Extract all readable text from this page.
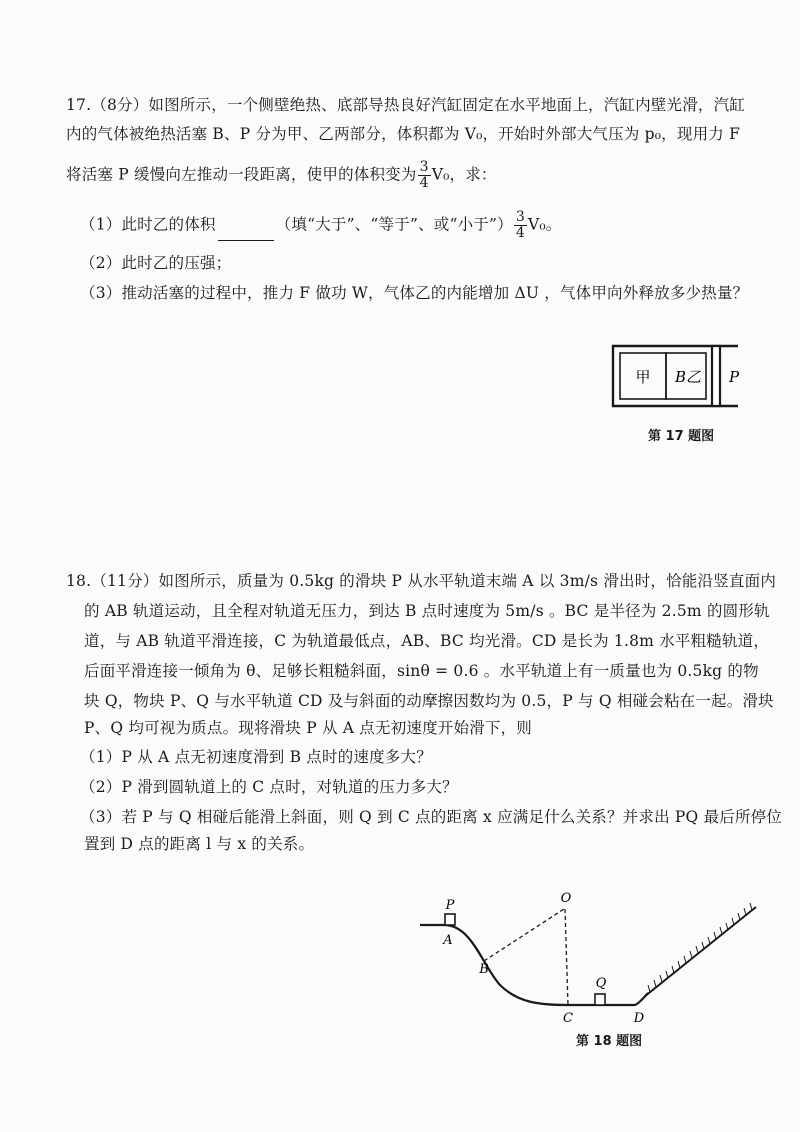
17.（8分）如图所示，一个侧壁绝热、底部导热良好汽缸固定在水平地面上，汽缸内壁光滑，汽缸
内的气体被绝热活塞 B、P 分为甲、乙两部分，体积都为 V₀，开始时外部大气压为 p₀，现用力 F
将活塞 P 缓慢向左推动一段距离，使甲的体积变为 $\frac{3}{4} V_0$，求：
（1）此时乙的体积	（填“大于”、“等于”、或“小于”） $\frac{3}{4} V_0$。
（2）此时乙的压强；
（3）推动活塞的过程中，推力 F 做功 W，气体乙的内能增加 ΔU ，气体甲向外释放多少热量？
甲 B乙 P
第 17 题图
18.（11分）如图所示，质量为 0.5kg 的滑块 P 从水平轨道末端 A 以 3m/s 滑出时，恰能沿竖直面内
的 AB 轨道运动，且全程对轨道无压力，到达 B 点时速度为 5m/s 。BC 是半径为 2.5m 的圆形轨
道，与 AB 轨道平滑连接，C 为轨道最低点，AB、BC 均光滑。CD 是长为 1.8m 水平粗糙轨道，
后面平滑连接一倾角为 θ、足够长粗糙斜面，sinθ = 0.6 。水平轨道上有一质量也为 0.5kg 的物
块 Q，物块 P、Q 与水平轨道 CD 及与斜面的动摩擦因数均为 0.5，P 与 Q 相碰会粘在一起。滑块
P、Q 均可视为质点。现将滑块 P 从 A 点无初速度开始滑下，则
（1）P 从 A 点无初速度滑到 B 点时的速度多大？
（2）P 滑到圆轨道上的 C 点时，对轨道的压力多大？
（3）若 P 与 Q 相碰后能滑上斜面，则 Q 到 C 点的距离 x 应满足什么关系？并求出 PQ 最后所停位
置到 D 点的距离 l 与 x 的关系。
P
A
O
B
Q
C	D
第 18 题图
